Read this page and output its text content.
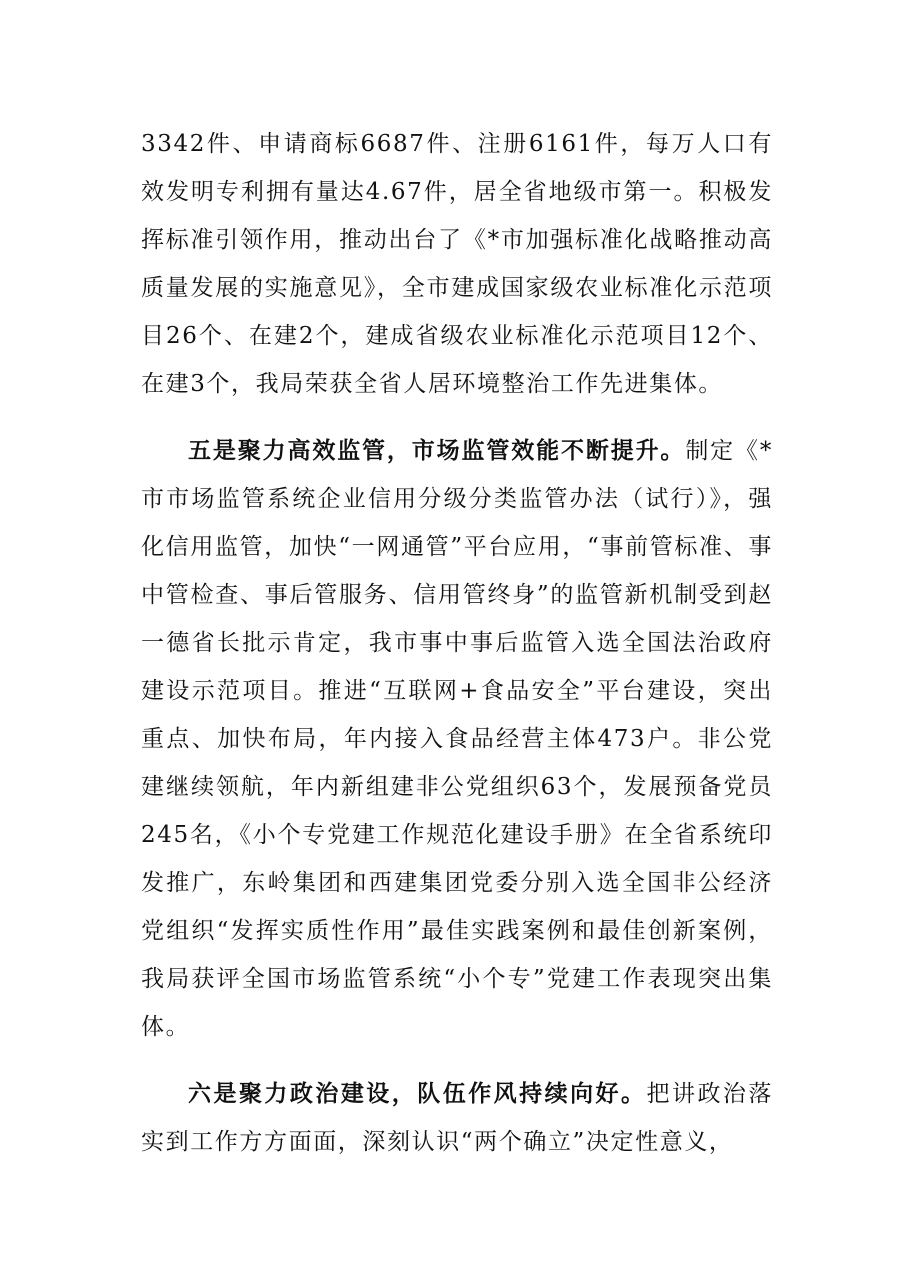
3342件、申请商标6687件、注册6161件，每万人口有效发明专利拥有量达4.67件，居全省地级市第一。积极发挥标准引领作用，推动出台了《*市加强标准化战略推动高质量发展的实施意见》，全市建成国家级农业标准化示范项目26个、在建2个，建成省级农业标准化示范项目12个、在建3个，我局荣获全省人居环境整治工作先进集体。

五是聚力高效监管，市场监管效能不断提升。制定《*市市场监管系统企业信用分级分类监管办法（试行）》，强化信用监管，加快“一网通管”平台应用，“事前管标准、事中管检查、事后管服务、信用管终身”的监管新机制受到赵一德省长批示肯定，我市事中事后监管入选全国法治政府建设示范项目。推进“互联网+食品安全”平台建设，突出重点、加快布局，年内接入食品经营主体473户。非公党建继续领航，年内新组建非公党组织63个，发展预备党员245名，《小个专党建工作规范化建设手册》在全省系统印发推广，东岭集团和西建集团党委分别入选全国非公经济党组织“发挥实质性作用”最佳实践案例和最佳创新案例，我局获评全国市场监管系统“小个专”党建工作表现突出集体。

六是聚力政治建设，队伍作风持续向好。把讲政治落实到工作方方面面，深刻认识“两个确立”决定性意义，
